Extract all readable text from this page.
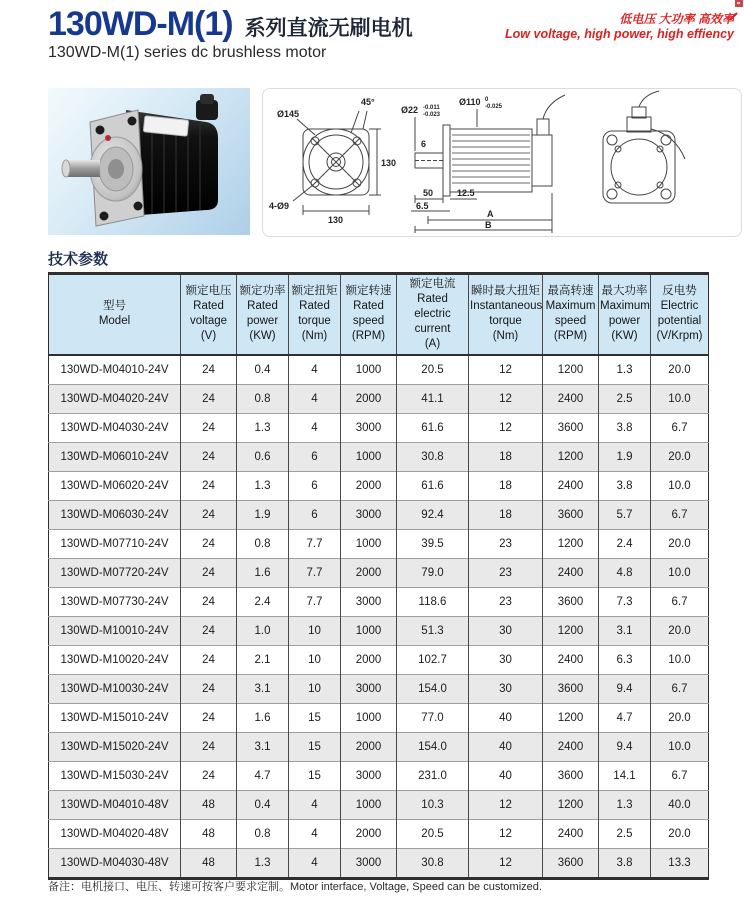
130WD-M(1) 系列直流无刷电机
130WD-M(1) series dc brushless motor
低电压 大功率 高效率
Low voltage, high power, high effiency
45°
Ø145
130
130
4-Ø9
Ø22 -0.011
-0.023
Ø110 0
-0.025
6
50
6.5
12.5
A
B
技术参数
型号
Model

额定电压
Rated voltage
(V)

额定功率
Rated power
(KW)

额定扭矩
Rated torque
(Nm)

额定转速
Rated speed
(RPM)

额定电流
Rated electric current
(A)

瞬时最大扭矩
Instantaneous torque
(Nm)

最高转速
Maximum speed
(RPM)

最大功率
Maximum power
(KW)

反电势
Electric potential
(V/Krpm)

130WD-M04010-24V	24	0.4	4	1000	20.5	12	1200	1.3	20.0
130WD-M04020-24V	24	0.8	4	2000	41.1	12	2400	2.5	10.0
130WD-M04030-24V	24	1.3	4	3000	61.6	12	3600	3.8	6.7
130WD-M06010-24V	24	0.6	6	1000	30.8	18	1200	1.9	20.0
130WD-M06020-24V	24	1.3	6	2000	61.6	18	2400	3.8	10.0
130WD-M06030-24V	24	1.9	6	3000	92.4	18	3600	5.7	6.7
130WD-M07710-24V	24	0.8	7.7	1000	39.5	23	1200	2.4	20.0
130WD-M07720-24V	24	1.6	7.7	2000	79.0	23	2400	4.8	10.0
130WD-M07730-24V	24	2.4	7.7	3000	118.6	23	3600	7.3	6.7
130WD-M10010-24V	24	1.0	10	1000	51.3	30	1200	3.1	20.0
130WD-M10020-24V	24	2.1	10	2000	102.7	30	2400	6.3	10.0
130WD-M10030-24V	24	3.1	10	3000	154.0	30	3600	9.4	6.7
130WD-M15010-24V	24	1.6	15	1000	77.0	40	1200	4.7	20.0
130WD-M15020-24V	24	3.1	15	2000	154.0	40	2400	9.4	10.0
130WD-M15030-24V	24	4.7	15	3000	231.0	40	3600	14.1	6.7
130WD-M04010-48V	48	0.4	4	1000	10.3	12	1200	1.3	40.0
130WD-M04020-48V	48	0.8	4	2000	20.5	12	2400	2.5	20.0
130WD-M04030-48V	48	1.3	4	3000	30.8	12	3600	3.8	13.3
备注：电机接口、电压、转速可按客户要求定制。Motor interface, Voltage, Speed can be customized.
